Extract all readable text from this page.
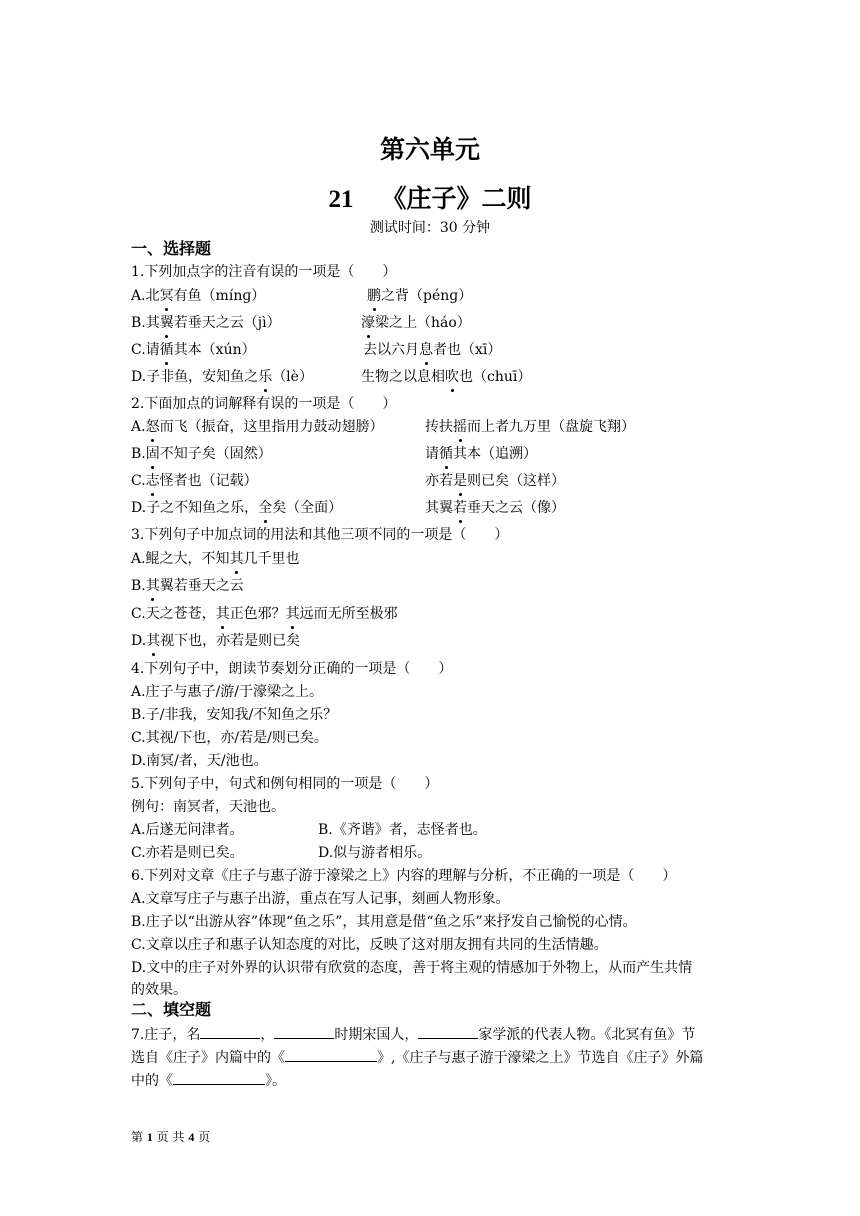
第六单元
21 《庄子》二则
测试时间：30 分钟
一、选择题
1.下列加点字的注音有误的一项是（　　）
A.北冥有鱼（mínɡ）	鹏之背（pénɡ）
B.其翼若垂天之云（jì）	濠梁之上（háo）
C.请循其本（xún）	去以六月息者也（xī）
D.子非鱼，安知鱼之乐（lè）	生物之以息相吹也（chuī）
2.下面加点的词解释有误的一项是（　　）
A.怒而飞（振奋，这里指用力鼓动翅膀）	抟扶摇而上者九万里（盘旋飞翔）
B.固不知子矣（固然）	请循其本（追溯）
C.志怪者也（记载）	亦若是则已矣（这样）
D.子之不知鱼之乐，全矣（全面）	其翼若垂天之云（像）
3.下列句子中加点词的用法和其他三项不同的一项是（　　）
A.鲲之大，不知其几千里也
B.其翼若垂天之云
C.天之苍苍，其正色邪？其远而无所至极邪
D.其视下也，亦若是则已矣
4.下列句子中，朗读节奏划分正确的一项是（　　）
A.庄子与惠子/游/于濠梁之上。
B.子/非我，安知我/不知鱼之乐？
C.其视/下也，亦/若是/则已矣。
D.南冥/者，天/池也。
5.下列句子中，句式和例句相同的一项是（　　）
例句：南冥者，天池也。
A.后遂无问津者。	B.《齐谐》者，志怪者也。
C.亦若是则已矣。	D.似与游者相乐。
6.下列对文章《庄子与惠子游于濠梁之上》内容的理解与分析，不正确的一项是（　　）
A.文章写庄子与惠子出游，重点在写人记事，刻画人物形象。
B.庄子以“出游从容”体现“鱼之乐”，其用意是借“鱼之乐”来抒发自己愉悦的心情。
C.文章以庄子和惠子认知态度的对比，反映了这对朋友拥有共同的生活情趣。
D.文中的庄子对外界的认识带有欣赏的态度，善于将主观的情感加于外物上，从而产生共情
的效果。
二、填空题
7.庄子，名	，	时期宋国人，	家学派的代表人物。《北冥有鱼》节
选自《庄子》内篇中的《	》,《庄子与惠子游于濠梁之上》节选自《庄子》外篇
中的《	》。
第 1 页 共 4 页
